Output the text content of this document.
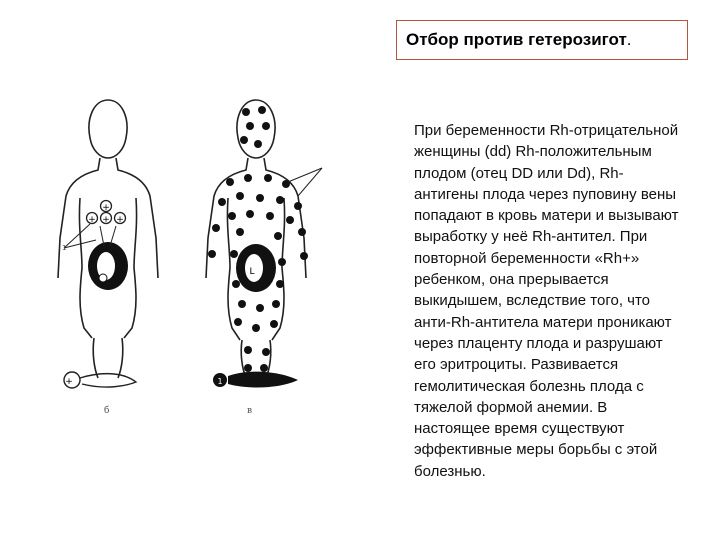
Отбор против гетерозигот .

При беременности Rh-отрицательной женщины (dd) Rh-положительным плодом (отец DD или Dd), Rh-антигены плода через пуповину вены попадают в кровь матери и вызывают выработку у неё Rh-антител. При повторной беременности «Rh+» ребенком, она прерывается выкидышем, вследствие того, что анти-Rh-антитела матери проникают через плаценту плода и разрушают его эритроциты. Развивается гемолитическая болезнь плода с тяжелой формой анемии. В настоящее время существуют эффективные меры борьбы с этой болезнью.

+
+ + +
+
L
1
1
б	в
